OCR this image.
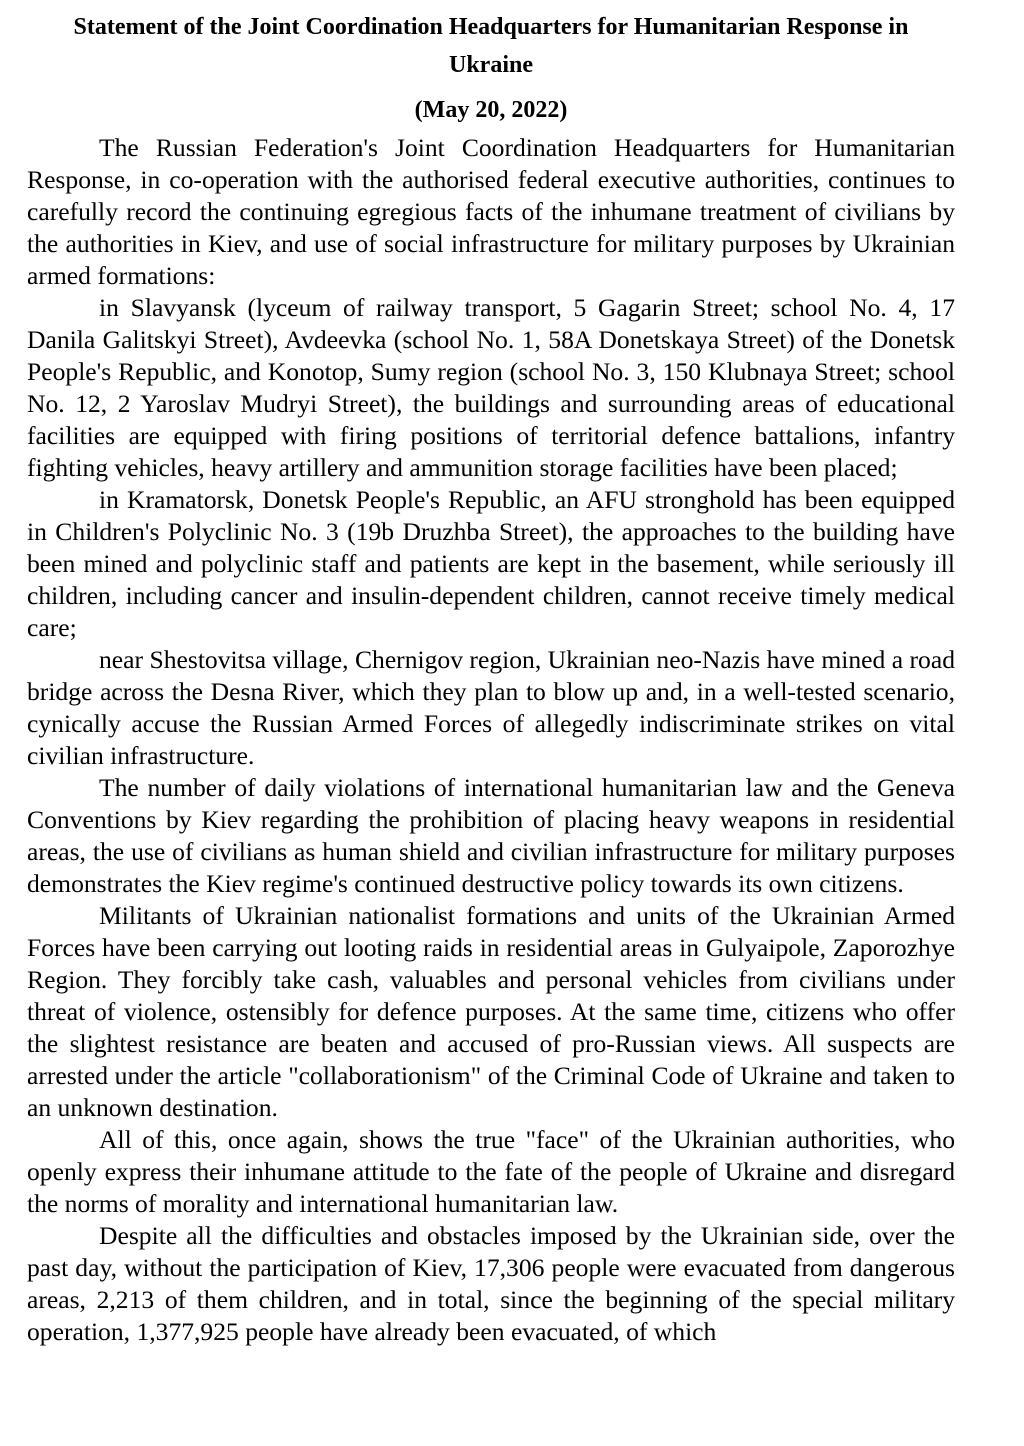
Statement of the Joint Coordination Headquarters for Humanitarian Response in Ukraine
(May 20, 2022)

The Russian Federation's Joint Coordination Headquarters for Humanitarian Response, in co-operation with the authorised federal executive authorities, continues to carefully record the continuing egregious facts of the inhumane treatment of civilians by the authorities in Kiev, and use of social infrastructure for military purposes by Ukrainian armed formations:

in Slavyansk (lyceum of railway transport, 5 Gagarin Street; school No. 4, 17 Danila Galitskyi Street), Avdeevka (school No. 1, 58A Donetskaya Street) of the Donetsk People's Republic, and Konotop, Sumy region (school No. 3, 150 Klubnaya Street; school No. 12, 2 Yaroslav Mudryi Street), the buildings and surrounding areas of educational facilities are equipped with firing positions of territorial defence battalions, infantry fighting vehicles, heavy artillery and ammunition storage facilities have been placed;

in Kramatorsk, Donetsk People's Republic, an AFU stronghold has been equipped in Children's Polyclinic No. 3 (19b Druzhba Street), the approaches to the building have been mined and polyclinic staff and patients are kept in the basement, while seriously ill children, including cancer and insulin-dependent children, cannot receive timely medical care;

near Shestovitsa village, Chernigov region, Ukrainian neo-Nazis have mined a road bridge across the Desna River, which they plan to blow up and, in a well-tested scenario, cynically accuse the Russian Armed Forces of allegedly indiscriminate strikes on vital civilian infrastructure.

The number of daily violations of international humanitarian law and the Geneva Conventions by Kiev regarding the prohibition of placing heavy weapons in residential areas, the use of civilians as human shield and civilian infrastructure for military purposes demonstrates the Kiev regime's continued destructive policy towards its own citizens.

Militants of Ukrainian nationalist formations and units of the Ukrainian Armed Forces have been carrying out looting raids in residential areas in Gulyaipole, Zaporozhye Region. They forcibly take cash, valuables and personal vehicles from civilians under threat of violence, ostensibly for defence purposes. At the same time, citizens who offer the slightest resistance are beaten and accused of pro-Russian views. All suspects are arrested under the article "collaborationism" of the Criminal Code of Ukraine and taken to an unknown destination.

All of this, once again, shows the true "face" of the Ukrainian authorities, who openly express their inhumane attitude to the fate of the people of Ukraine and disregard the norms of morality and international humanitarian law.

Despite all the difficulties and obstacles imposed by the Ukrainian side, over the past day, without the participation of Kiev, 17,306 people were evacuated from dangerous areas, 2,213 of them children, and in total, since the beginning of the special military operation, 1,377,925 people have already been evacuated, of which
